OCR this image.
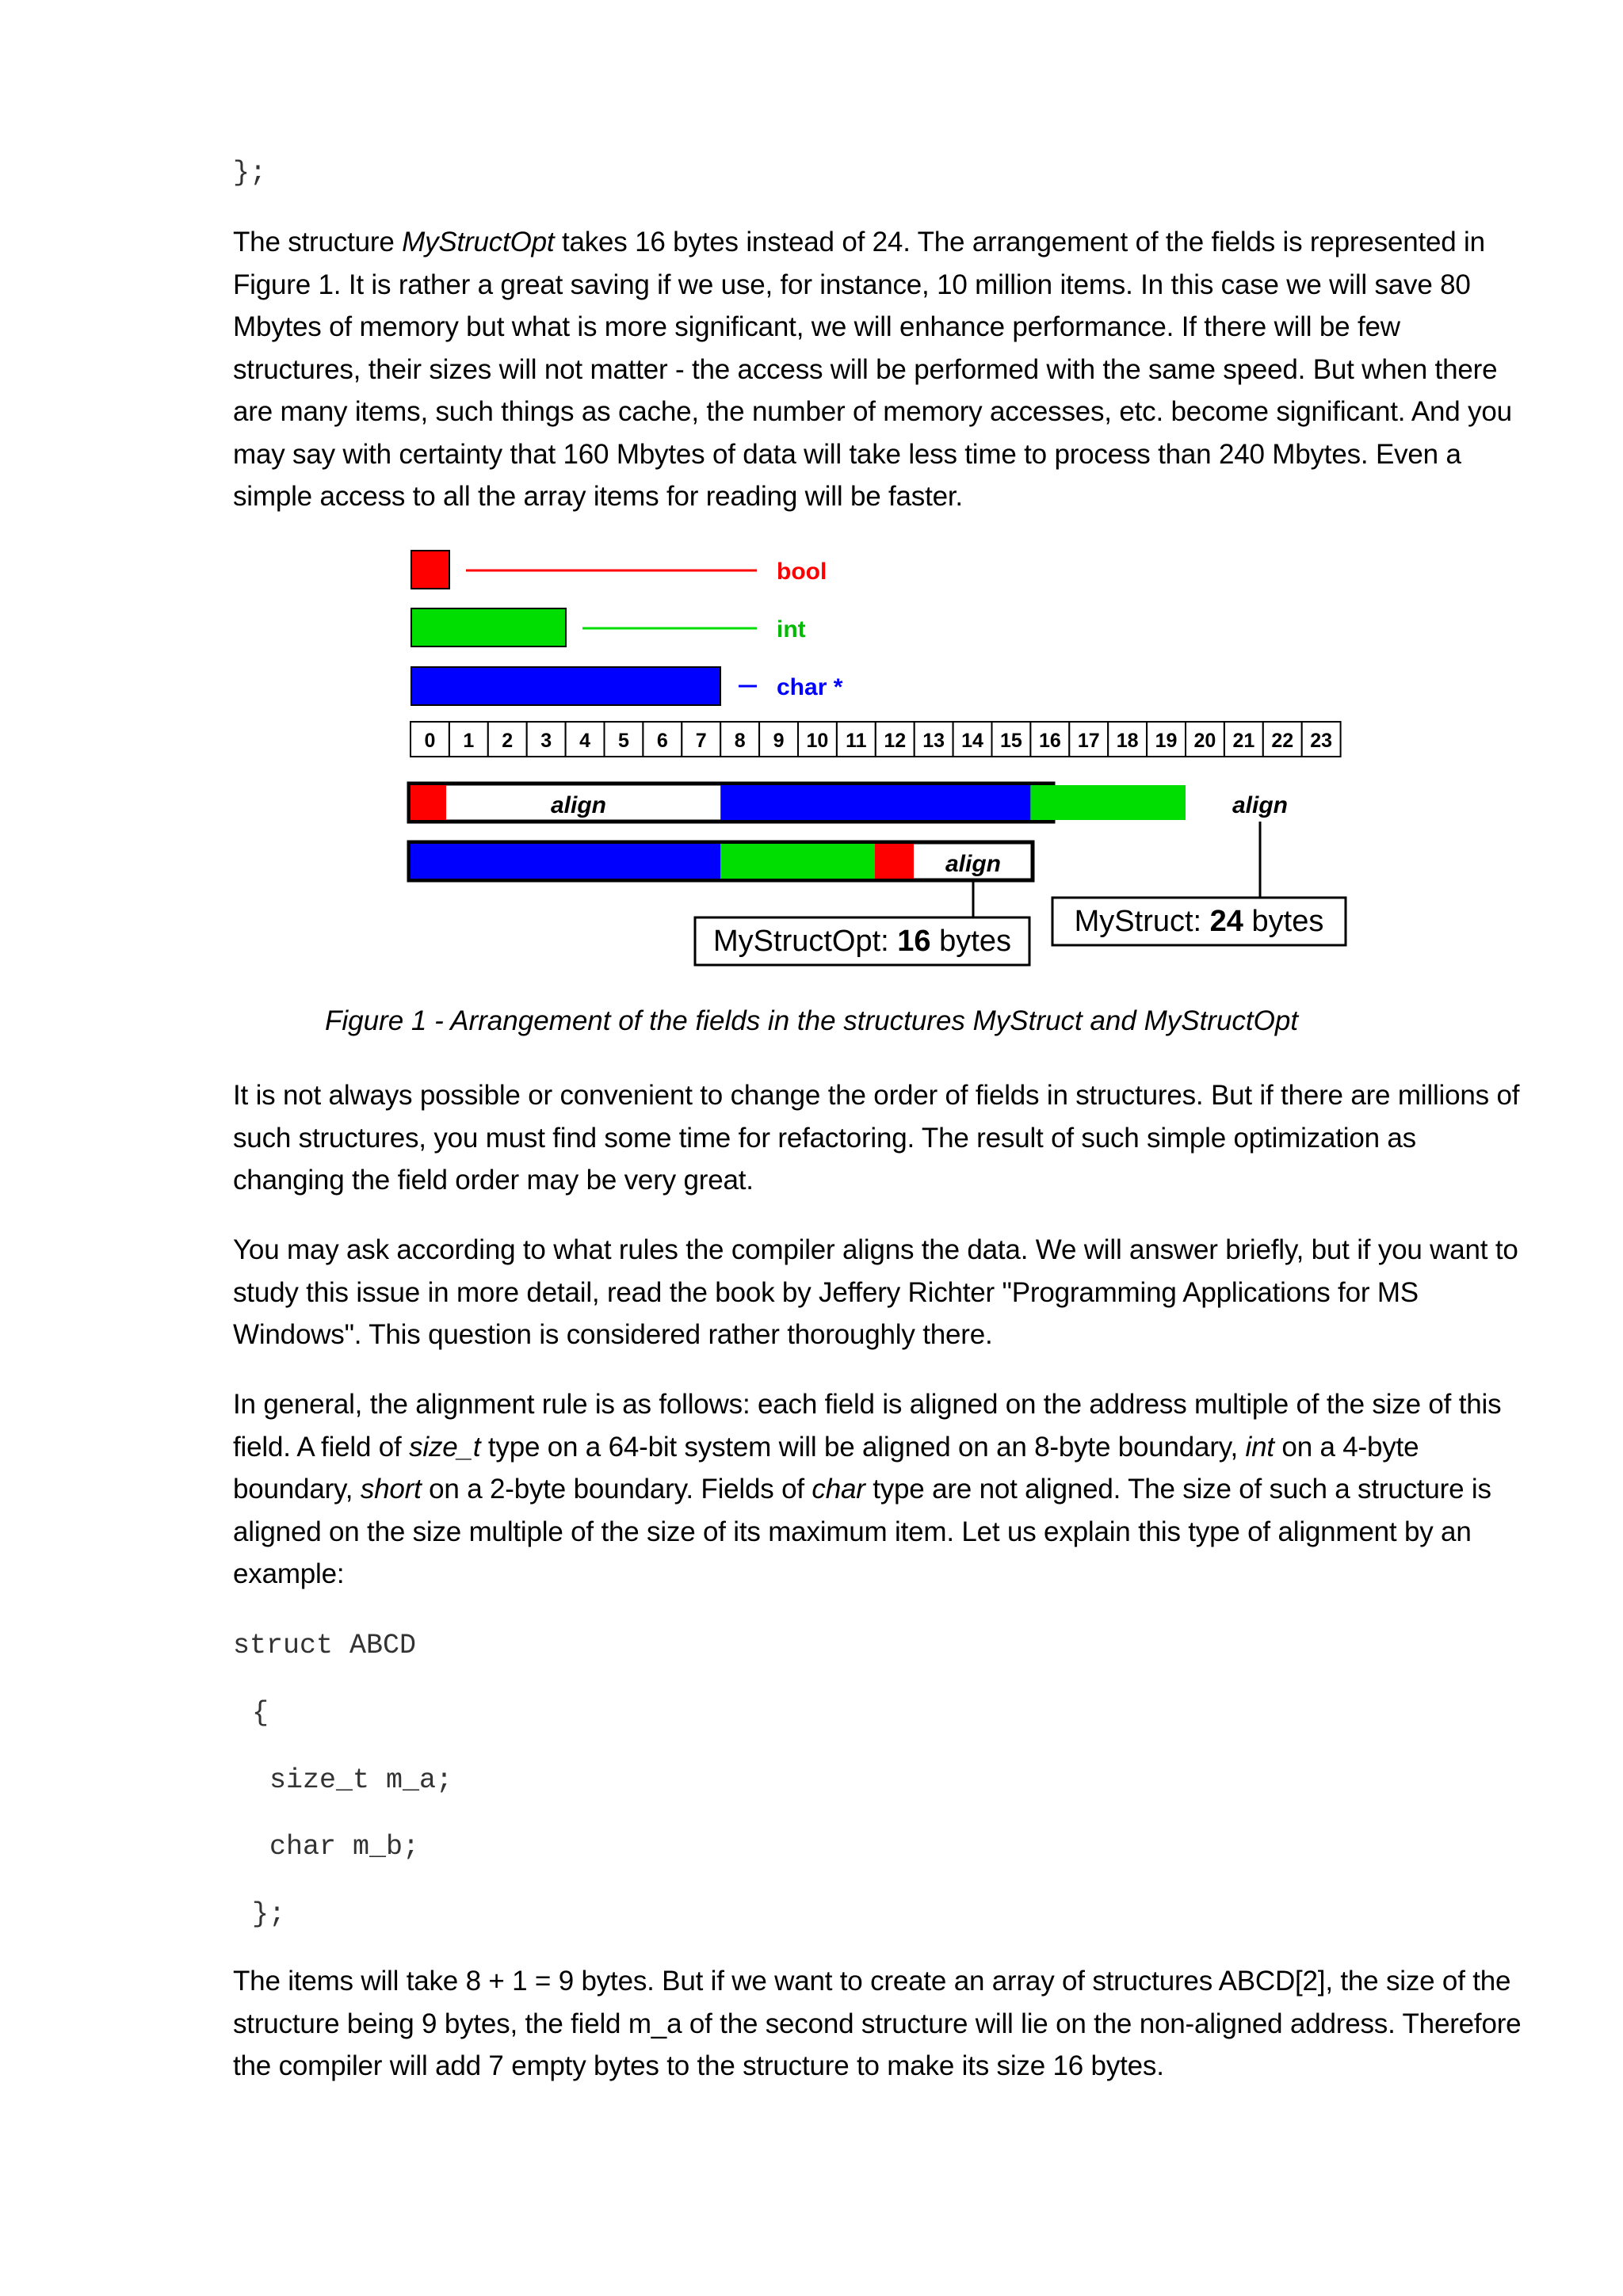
};

The structure MyStructOpt takes 16 bytes instead of 24. The arrangement of the fields is represented in Figure 1. It is rather a great saving if we use, for instance, 10 million items. In this case we will save 80 Mbytes of memory but what is more significant, we will enhance performance. If there will be few structures, their sizes will not matter - the access will be performed with the same speed. But when there are many items, such things as cache, the number of memory accesses, etc. become significant. And you may say with certainty that 160 Mbytes of data will take less time to process than 240 Mbytes. Even a simple access to all the array items for reading will be faster.

bool
int
char *
0 1 2 3 4 5 6 7 8 9 10 11 12 13 14 15 16 17 18 19 20 21 22 23
align	align
align
MyStruct: 24 bytes
MyStructOpt: 16 bytes

Figure 1 - Arrangement of the fields in the structures MyStruct and MyStructOpt

It is not always possible or convenient to change the order of fields in structures. But if there are millions of such structures, you must find some time for refactoring. The result of such simple optimization as changing the field order may be very great.

You may ask according to what rules the compiler aligns the data. We will answer briefly, but if you want to study this issue in more detail, read the book by Jeffery Richter "Programming Applications for MS Windows". This question is considered rather thoroughly there.

In general, the alignment rule is as follows: each field is aligned on the address multiple of the size of this field. A field of size_t type on a 64-bit system will be aligned on an 8-byte boundary, int on a 4-byte boundary, short on a 2-byte boundary. Fields of char type are not aligned. The size of such a structure is aligned on the size multiple of the size of its maximum item. Let us explain this type of alignment by an example:

struct ABCD
{
size_t m_a;
char m_b;
};

The items will take 8 + 1 = 9 bytes. But if we want to create an array of structures ABCD[2], the size of the structure being 9 bytes, the field m_a of the second structure will lie on the non-aligned address. Therefore the compiler will add 7 empty bytes to the structure to make its size 16 bytes.
